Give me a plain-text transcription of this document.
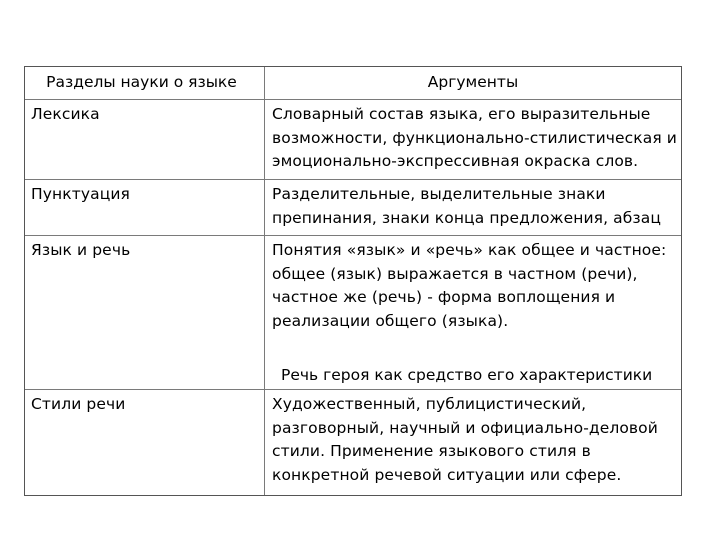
Разделы науки о языке	Аргументы
Лексика	Словарный состав языка, его выразительные возможности, функционально-стилистическая и эмоционально-экспрессивная окраска слов.
Пунктуация	Разделительные, выделительные знаки препинания, знаки конца предложения, абзац
Язык и речь	Понятия «язык» и «речь» как общее и частное: общее (язык) выражается в частном (речи), частное же (речь) - форма воплощения и реализации общего (языка).
Речь героя как средство его характеристики
Стили речи	Художественный, публицистический, разговорный, научный и официально-деловой стили. Применение языкового стиля в конкретной речевой ситуации или сфере.
